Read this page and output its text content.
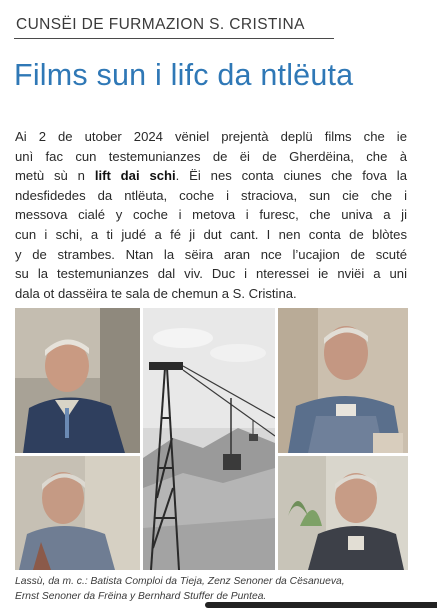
CUNSËI DE FURMAZION S. CRISTINA
Films sun i lifc da ntlëuta
Ai 2 de utober 2024 vëniel prejentà deplü films che ie
unì fac cun testemunianzes de ëi de Gherdëina, che à
metù sù n lift dai schi. Ëi nes conta ciunes che fova la
ndesfidedes da ntlëuta, coche i straciova, sun cie che i
messova cialé y coche i metova i furesc, che univa a ji
cun i schi, a ti judé a fé ji dut cant. I nen conta de blòtes
y de strambes. Ntan la sëira aran nce l’ucajion de scuté
su la testemunianzes dal viv. Duc i nteressei ie nviëi a uni
dala ot dassëira te sala de chemun a S. Cristina.
Lassù, da m. c.: Batista Comploi da Tieja, Zenz Senoner da Cësanueva,
Ernst Senoner da Frëina y Bernhard Stuffer de Puntea.
